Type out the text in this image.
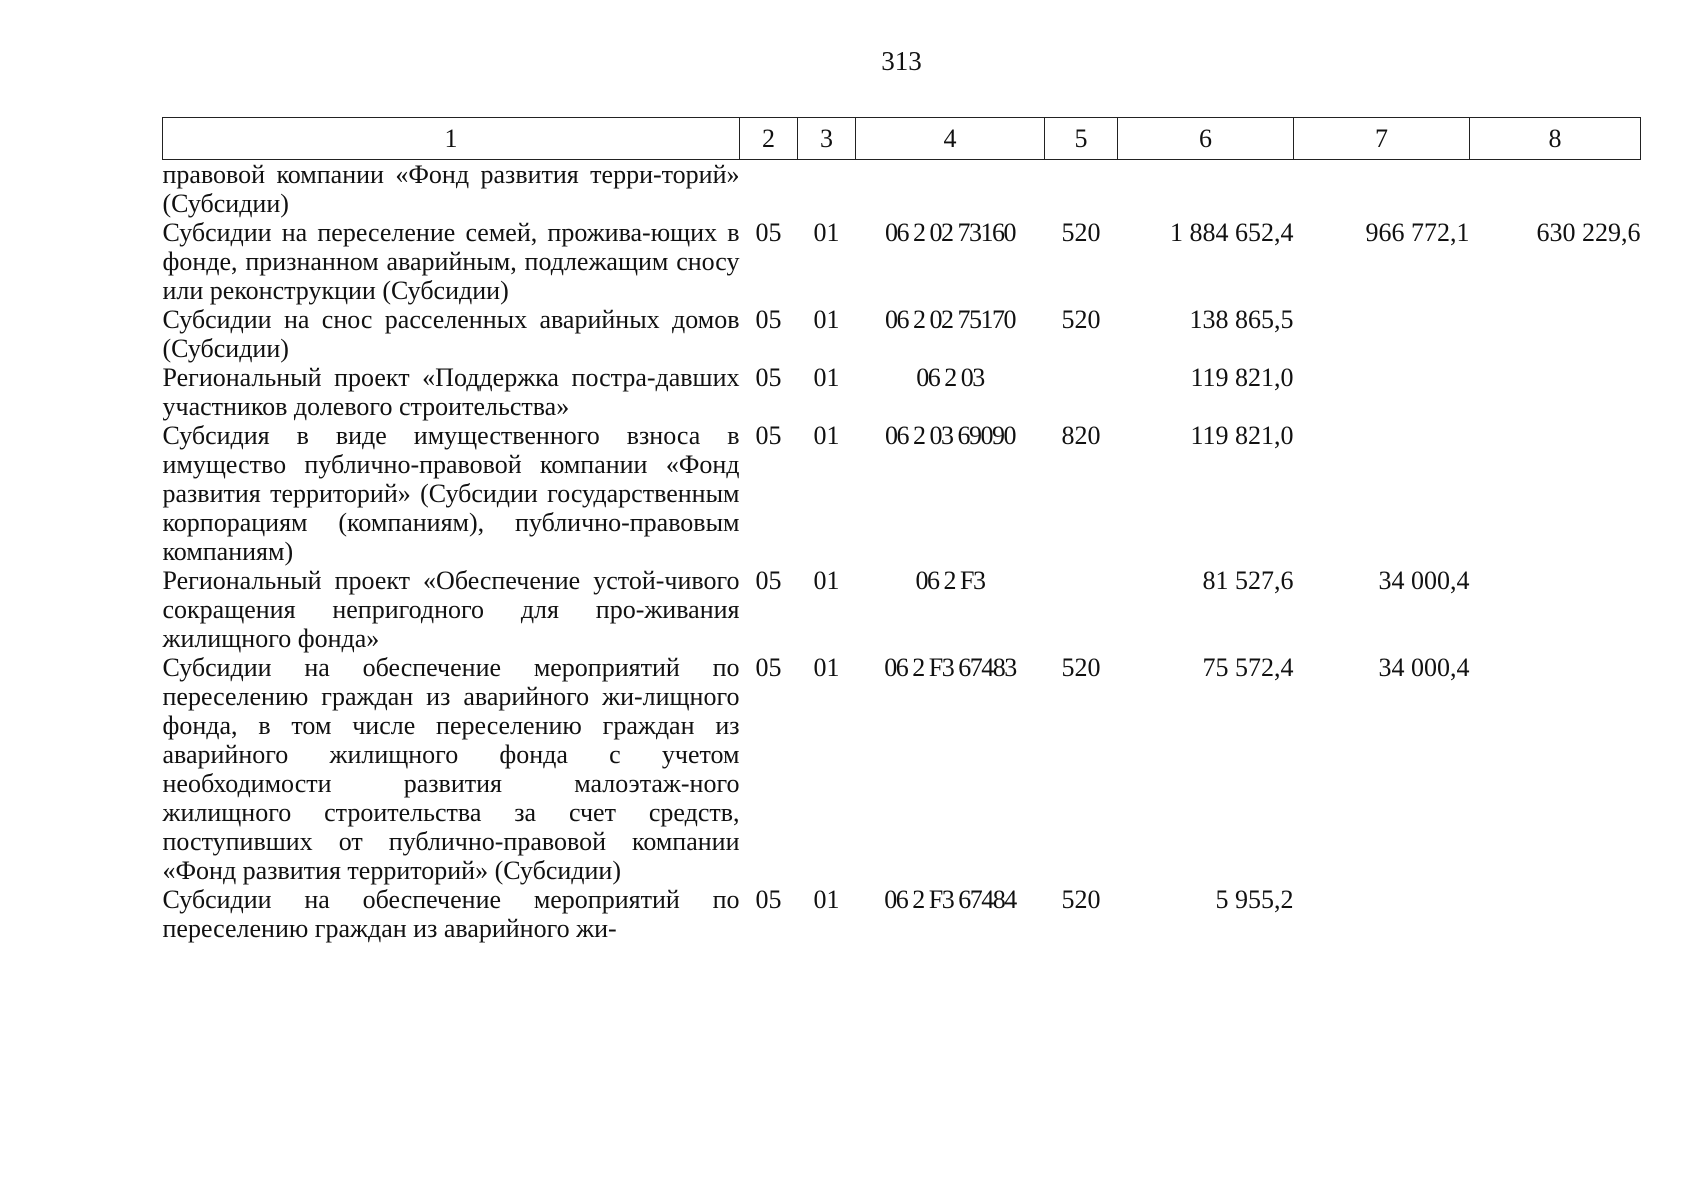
313
1	2	3	4	5	6	7	8
правовой компании «Фонд развития терри-торий» (Субсидии)							
Субсидии на переселение семей, прожива-ющих в фонде, признанном аварийным, подлежащим сносу или реконструкции (Субсидии)	05	01	06 2 02 73160	520	1 884 652,4	966 772,1	630 229,6
Субсидии на снос расселенных аварийных домов (Субсидии)	05	01	06 2 02 75170	520	138 865,5		
Региональный проект «Поддержка постра-давших участников долевого строительства»	05	01	06 2 03		119 821,0		
Субсидия в виде имущественного взноса в имущество публично-правовой компании «Фонд развития территорий» (Субсидии государственным корпорациям (компаниям), публично-правовым компаниям)	05	01	06 2 03 69090	820	119 821,0		
Региональный проект «Обеспечение устой-чивого сокращения непригодного для про-живания жилищного фонда»	05	01	06 2 F3		81 527,6	34 000,4	
Субсидии на обеспечение мероприятий по переселению граждан из аварийного жи-лищного фонда, в том числе переселению граждан из аварийного жилищного фонда с учетом необходимости развития малоэтаж-ного жилищного строительства за счет средств, поступивших от публично-правовой компании «Фонд развития территорий» (Субсидии)	05	01	06 2 F3 67483	520	75 572,4	34 000,4	
Субсидии на обеспечение мероприятий по переселению граждан из аварийного жи-	05	01	06 2 F3 67484	520	5 955,2		
